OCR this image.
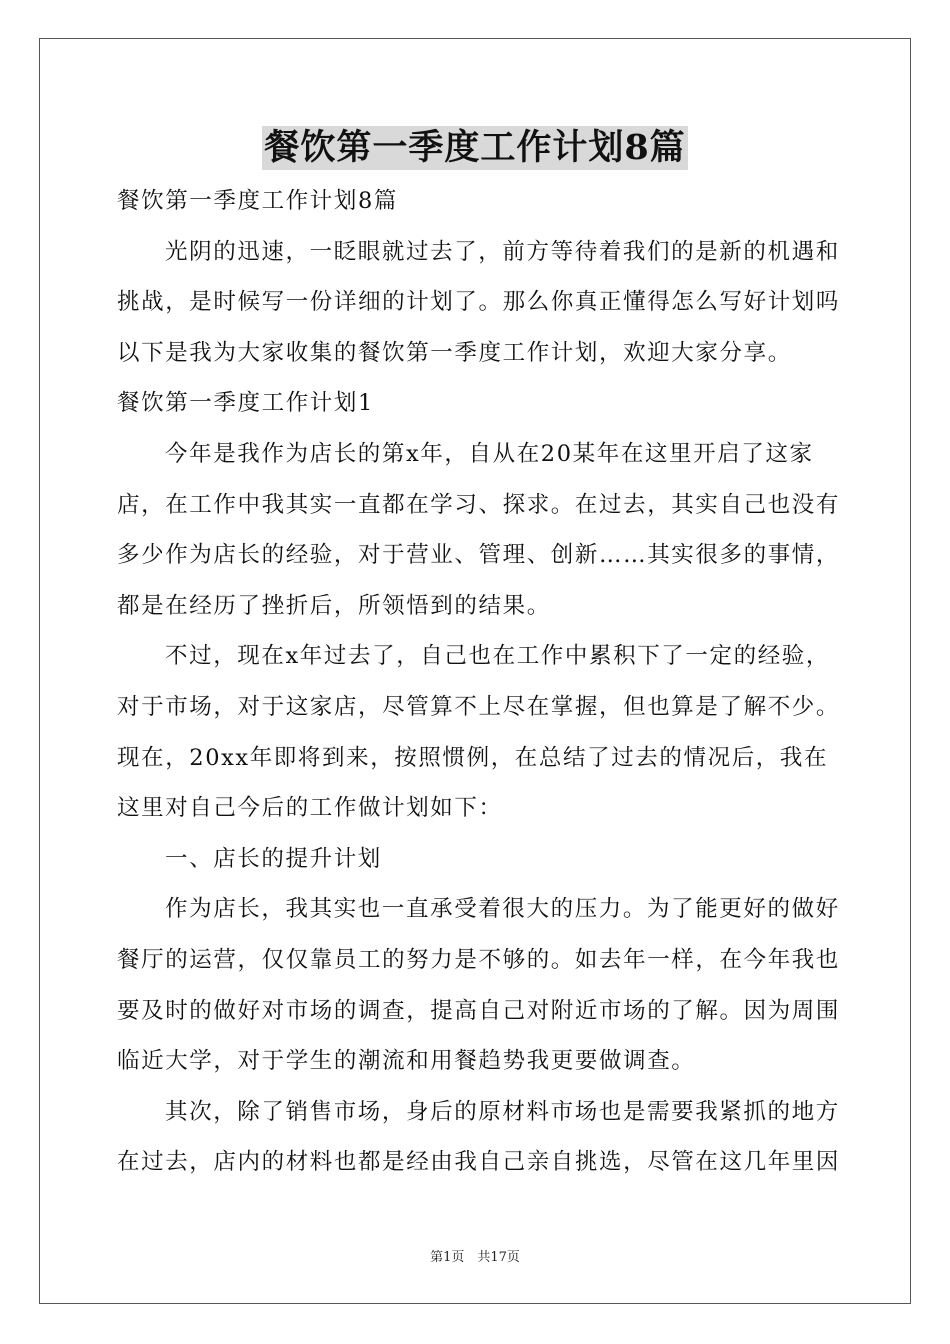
餐饮第一季度工作计划8篇
餐饮第一季度工作计划8篇
光阴的迅速，一眨眼就过去了，前方等待着我们的是新的机遇和
挑战，是时候写一份详细的计划了。那么你真正懂得怎么写好计划吗
以下是我为大家收集的餐饮第一季度工作计划，欢迎大家分享。
餐饮第一季度工作计划1
今年是我作为店长的第x年，自从在20某年在这里开启了这家
店，在工作中我其实一直都在学习、探求。在过去，其实自己也没有
多少作为店长的经验，对于营业、管理、创新……其实很多的事情，
都是在经历了挫折后，所领悟到的结果。
不过，现在x年过去了，自己也在工作中累积下了一定的经验，
对于市场，对于这家店，尽管算不上尽在掌握，但也算是了解不少。
现在，20xx年即将到来，按照惯例，在总结了过去的情况后，我在
这里对自己今后的工作做计划如下：
一、店长的提升计划
作为店长，我其实也一直承受着很大的压力。为了能更好的做好
餐厅的运营，仅仅靠员工的努力是不够的。如去年一样，在今年我也
要及时的做好对市场的调查，提高自己对附近市场的了解。因为周围
临近大学，对于学生的潮流和用餐趋势我更要做调查。
其次，除了销售市场，身后的原材料市场也是需要我紧抓的地方
在过去，店内的材料也都是经由我自己亲自挑选，尽管在这几年里因
第1页　共17页
